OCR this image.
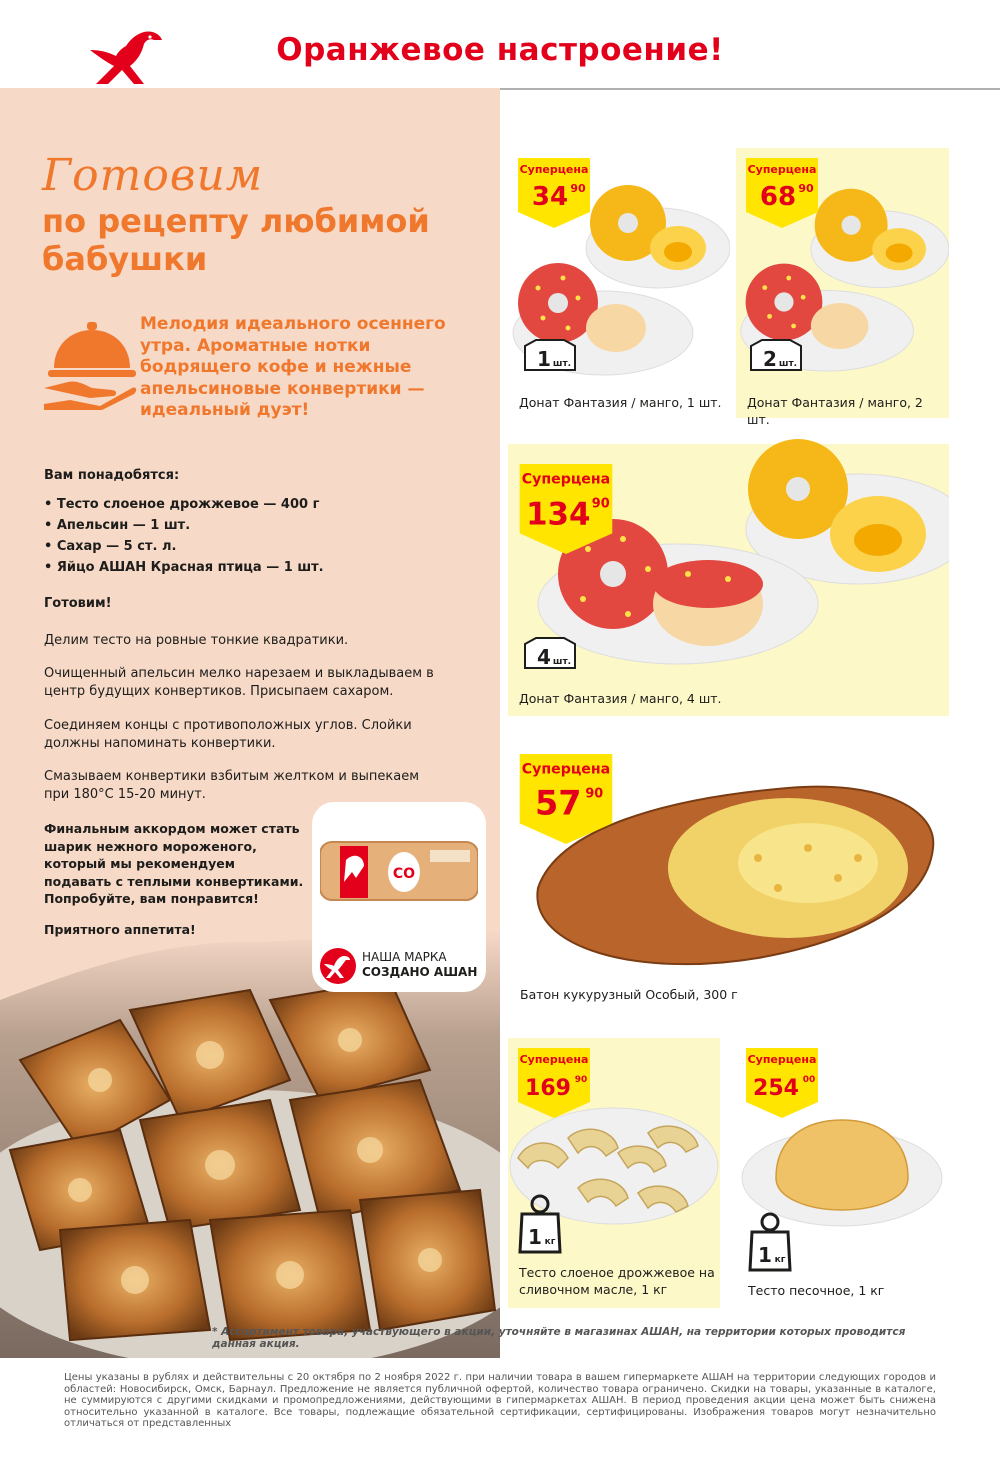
Оранжевое настроение!
Готовим
по рецепту любимой
бабушки
Мелодия идеального осеннего утра. Ароматные нотки бодрящего кофе и нежные апельсиновые конвертики — идеальный дуэт!
Вам понадобятся:
• Тесто слоеное дрожжевое — 400 г
• Апельсин — 1 шт.
• Сахар — 5 ст. л.
• Яйцо АШАН Красная птица — 1 шт.
Готовим!
Делим тесто на ровные тонкие квадратики.
Очищенный апельсин мелко нарезаем и выкладываем в центр будущих конвертиков. Присыпаем сахаром.
Соединяем концы с противоположных углов. Слойки должны напоминать конвертики.
Смазываем конвертики взбитым желтком и выпекаем при 180°С 15-20 минут.
Финальным аккордом может стать шарик нежного мороженого, который мы рекомендуем подавать с теплыми конвертиками. Попробуйте, вам понравится!
Приятного аппетита!
СО
НАША МАРКА
СОЗДАНО АШАН
Суперцена
34 90
1 шт.
Донат Фантазия / манго, 1 шт.
Суперцена
68 90
2 шт.
Донат Фантазия / манго, 2 шт.
Суперцена
134 90
4 шт.
Донат Фантазия / манго, 4 шт.
Суперцена
57 90
Батон кукурузный Особый, 300 г
Суперцена
169 90
1 кг
Тесто слоеное дрожжевое на сливочном масле, 1 кг
Суперцена
254 00
1 кг
Тесто песочное, 1 кг
* Ассортимент товара, участвующего в акции, уточняйте в магазинах АШАН, на территории которых проводится данная акция.
Цены указаны в рублях и действительны с 20 октября по 2 ноября 2022 г. при наличии товара в вашем гипермаркете АШАН на территории следующих городов и областей: Новосибирск, Омск, Барнаул. Предложение не является публичной офертой, количество товара ограничено. Скидки на товары, указанные в каталоге, не суммируются с другими скидками и промопредложениями, действующими в гипермаркетах АШАН. В период проведения акции цена может быть снижена относительно указанной в каталоге. Все товары, подлежащие обязательной сертификации, сертифицированы. Изображения товаров могут незначительно отличаться от представленных
